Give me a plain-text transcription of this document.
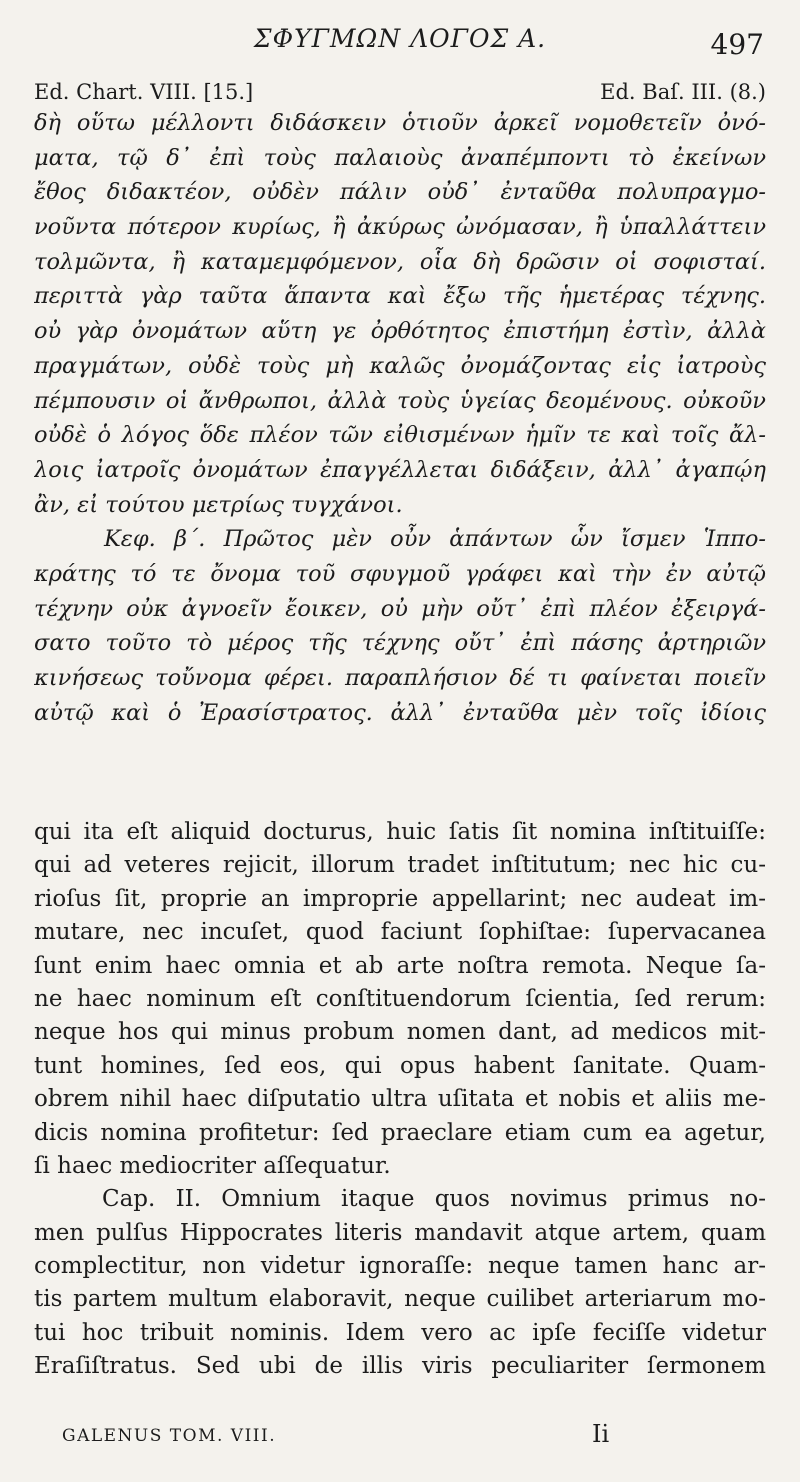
ΣΦΥΓΜΩΝ ΛΟΓΟΣ Α.	497
Ed. Chart. VIII. [15.]	Ed. Baſ. III. (8.)
δὴ οὕτω μέλλοντι διδάσκειν ὁτιοῦν ἀρκεῖ νομοθετεῖν ὀνό-
ματα, τῷ δ᾽ ἐπὶ τοὺς παλαιοὺς ἀναπέμποντι τὸ ἐκείνων
ἔθος διδακτέον, οὐδὲν πάλιν οὐδ᾽ ἐνταῦθα πολυπραγμο-
νοῦντα πότερον κυρίως, ἢ ἀκύρως ὠνόμασαν, ἢ ὑπαλλάττειν
τολμῶντα, ἢ καταμεμφόμενον, οἷα δὴ δρῶσιν οἱ σοφισταί.
περιττὰ γὰρ ταῦτα ἅπαντα καὶ ἔξω τῆς ἡμετέρας τέχνης.
οὐ γὰρ ὀνομάτων αὕτη γε ὀρθότητος ἐπιστήμη ἐστὶν, ἀλλὰ
πραγμάτων, οὐδὲ τοὺς μὴ καλῶς ὀνομάζοντας εἰς ἰατροὺς
πέμπουσιν οἱ ἄνθρωποι, ἀλλὰ τοὺς ὑγείας δεομένους. οὐκοῦν
οὐδὲ ὁ λόγος ὅδε πλέον τῶν εἰθισμένων ἡμῖν τε καὶ τοῖς ἄλ-
λοις ἰατροῖς ὀνομάτων ἐπαγγέλλεται διδάξειν, ἀλλ᾽ ἀγαπῴη
ἂν, εἰ τούτου μετρίως τυγχάνοι.
Κεφ. β΄. Πρῶτος μὲν οὖν ἁπάντων ὧν ἴσμεν Ἱππο-
κράτης τό τε ὄνομα τοῦ σφυγμοῦ γράφει καὶ τὴν ἐν αὐτῷ
τέχνην οὐκ ἀγνοεῖν ἔοικεν, οὐ μὴν οὔτ᾽ ἐπὶ πλέον ἐξειργά-
σατο τοῦτο τὸ μέρος τῆς τέχνης οὔτ᾽ ἐπὶ πάσης ἀρτηριῶν
κινήσεως τοὔνομα φέρει. παραπλήσιον δέ τι φαίνεται ποιεῖν
αὐτῷ καὶ ὁ Ἐρασίστρατος. ἀλλ᾽ ἐνταῦθα μὲν τοῖς ἰδίοις
qui ita eſt aliquid docturus, huic ſatis ſit nomina inſtituiſſe:
qui ad veteres rejicit, illorum tradet inſtitutum; nec hic cu-
rioſus ſit, proprie an improprie appellarint; nec audeat im-
mutare, nec incuſet, quod faciunt ſophiſtae: ſupervacanea
ſunt enim haec omnia et ab arte noſtra remota. Neque ſa-
ne haec nominum eſt conſtituendorum ſcientia, ſed rerum:
neque hos qui minus probum nomen dant, ad medicos mit-
tunt homines, ſed eos, qui opus habent ſanitate. Quam-
obrem nihil haec diſputatio ultra uſitata et nobis et aliis me-
dicis nomina profitetur: ſed praeclare etiam cum ea agetur,
ſi haec mediocriter aſſequatur.
Cap. II. Omnium itaque quos novimus primus no-
men pulſus Hippocrates literis mandavit atque artem, quam
complectitur, non videtur ignoraſſe: neque tamen hanc ar-
tis partem multum elaboravit, neque cuilibet arteriarum mo-
tui hoc tribuit nominis. Idem vero ac ipſe feciſſe videtur
Eraſiſtratus. Sed ubi de illis viris peculiariter ſermonem
GALENUS TOM. VIII.	Ii
